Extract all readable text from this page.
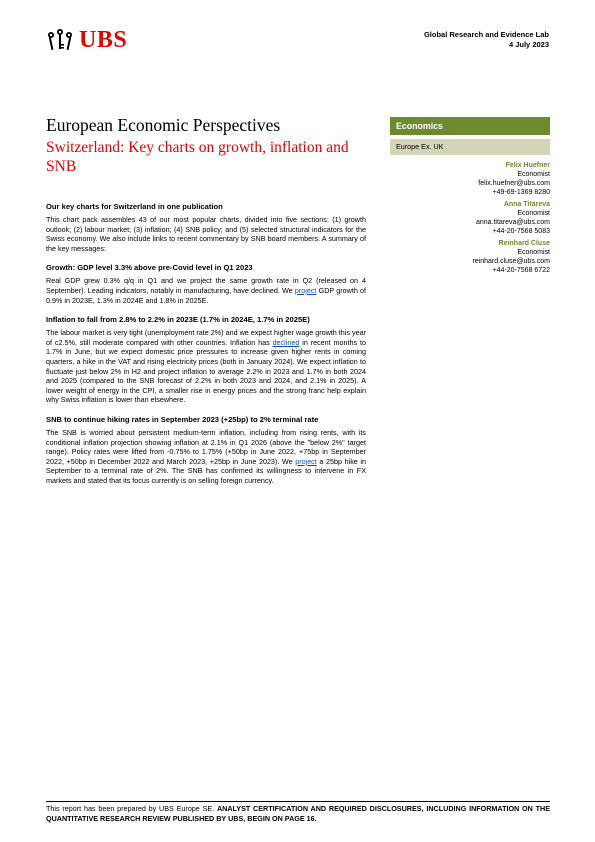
UBS	Global Research and Evidence Lab
4 July 2023
European Economic Perspectives
Switzerland: Key charts on growth, inflation and SNB
Our key charts for Switzerland in one publication

This chart pack assembles 43 of our most popular charts, divided into five sections: (1) growth outlook; (2) labour market; (3) inflation; (4) SNB policy; and (5) selected structural indicators for the Swiss economy. We also include links to recent commentary by SNB board members. A summary of the key messages:

Growth: GDP level 3.3% above pre-Covid level in Q1 2023

Real GDP grew 0.3% q/q in Q1 and we project the same growth rate in Q2 (released on 4 September). Leading indicators, notably in manufacturing, have declined. We project GDP growth of 0.9% in 2023E, 1.3% in 2024E and 1.8% in 2025E.

Inflation to fall from 2.8% to 2.2% in 2023E (1.7% in 2024E, 1.7% in 2025E)

The labour market is very tight (unemployment rate 2%) and we expect higher wage growth this year of c2.5%, still moderate compared with other countries. Inflation has declined in recent months to 1.7% in June, but we expect domestic price pressures to increase given higher rents in coming quarters, a hike in the VAT and rising electricity prices (both in January 2024). We expect inflation to fluctuate just below 2% in H2 and project inflation to average 2.2% in 2023 and 1.7% in both 2024 and 2025 (compared to the SNB forecast of 2.2% in both 2023 and 2024, and 2.1% in 2025). A lower weight of energy in the CPI, a smaller rise in energy prices and the strong franc help explain why Swiss inflation is lower than elsewhere.

SNB to continue hiking rates in September 2023 (+25bp) to 2% terminal rate

The SNB is worried about persistent medium-term inflation, including from rising rents, with its conditional inflation projection showing inflation at 2.1% in Q1 2026 (above the "below 2%" target range). Policy rates were lifted from -0.75% to 1.75% (+50bp in June 2022, +75bp in September 2022, +50bp in December 2022 and March 2023, +25bp in June 2023). We project a 25bp hike in September to a terminal rate of 2%. The SNB has confirmed its willingness to intervene in FX markets and stated that its focus currently is on selling foreign currency.

Economics
Europe Ex. UK
Felix Huefner
Economist
felix.huefner@ubs.com
+49-69-1369 8280
Anna Titareva
Economist
anna.titareva@ubs.com
+44-20-7568 5083
Reinhard Cluse
Economist
reinhard.cluse@ubs.com
+44-20-7568 6722
This report has been prepared by UBS Europe SE. ANALYST CERTIFICATION AND REQUIRED DISCLOSURES, INCLUDING INFORMATION ON THE QUANTITATIVE RESEARCH REVIEW PUBLISHED BY UBS, BEGIN ON PAGE 16.
